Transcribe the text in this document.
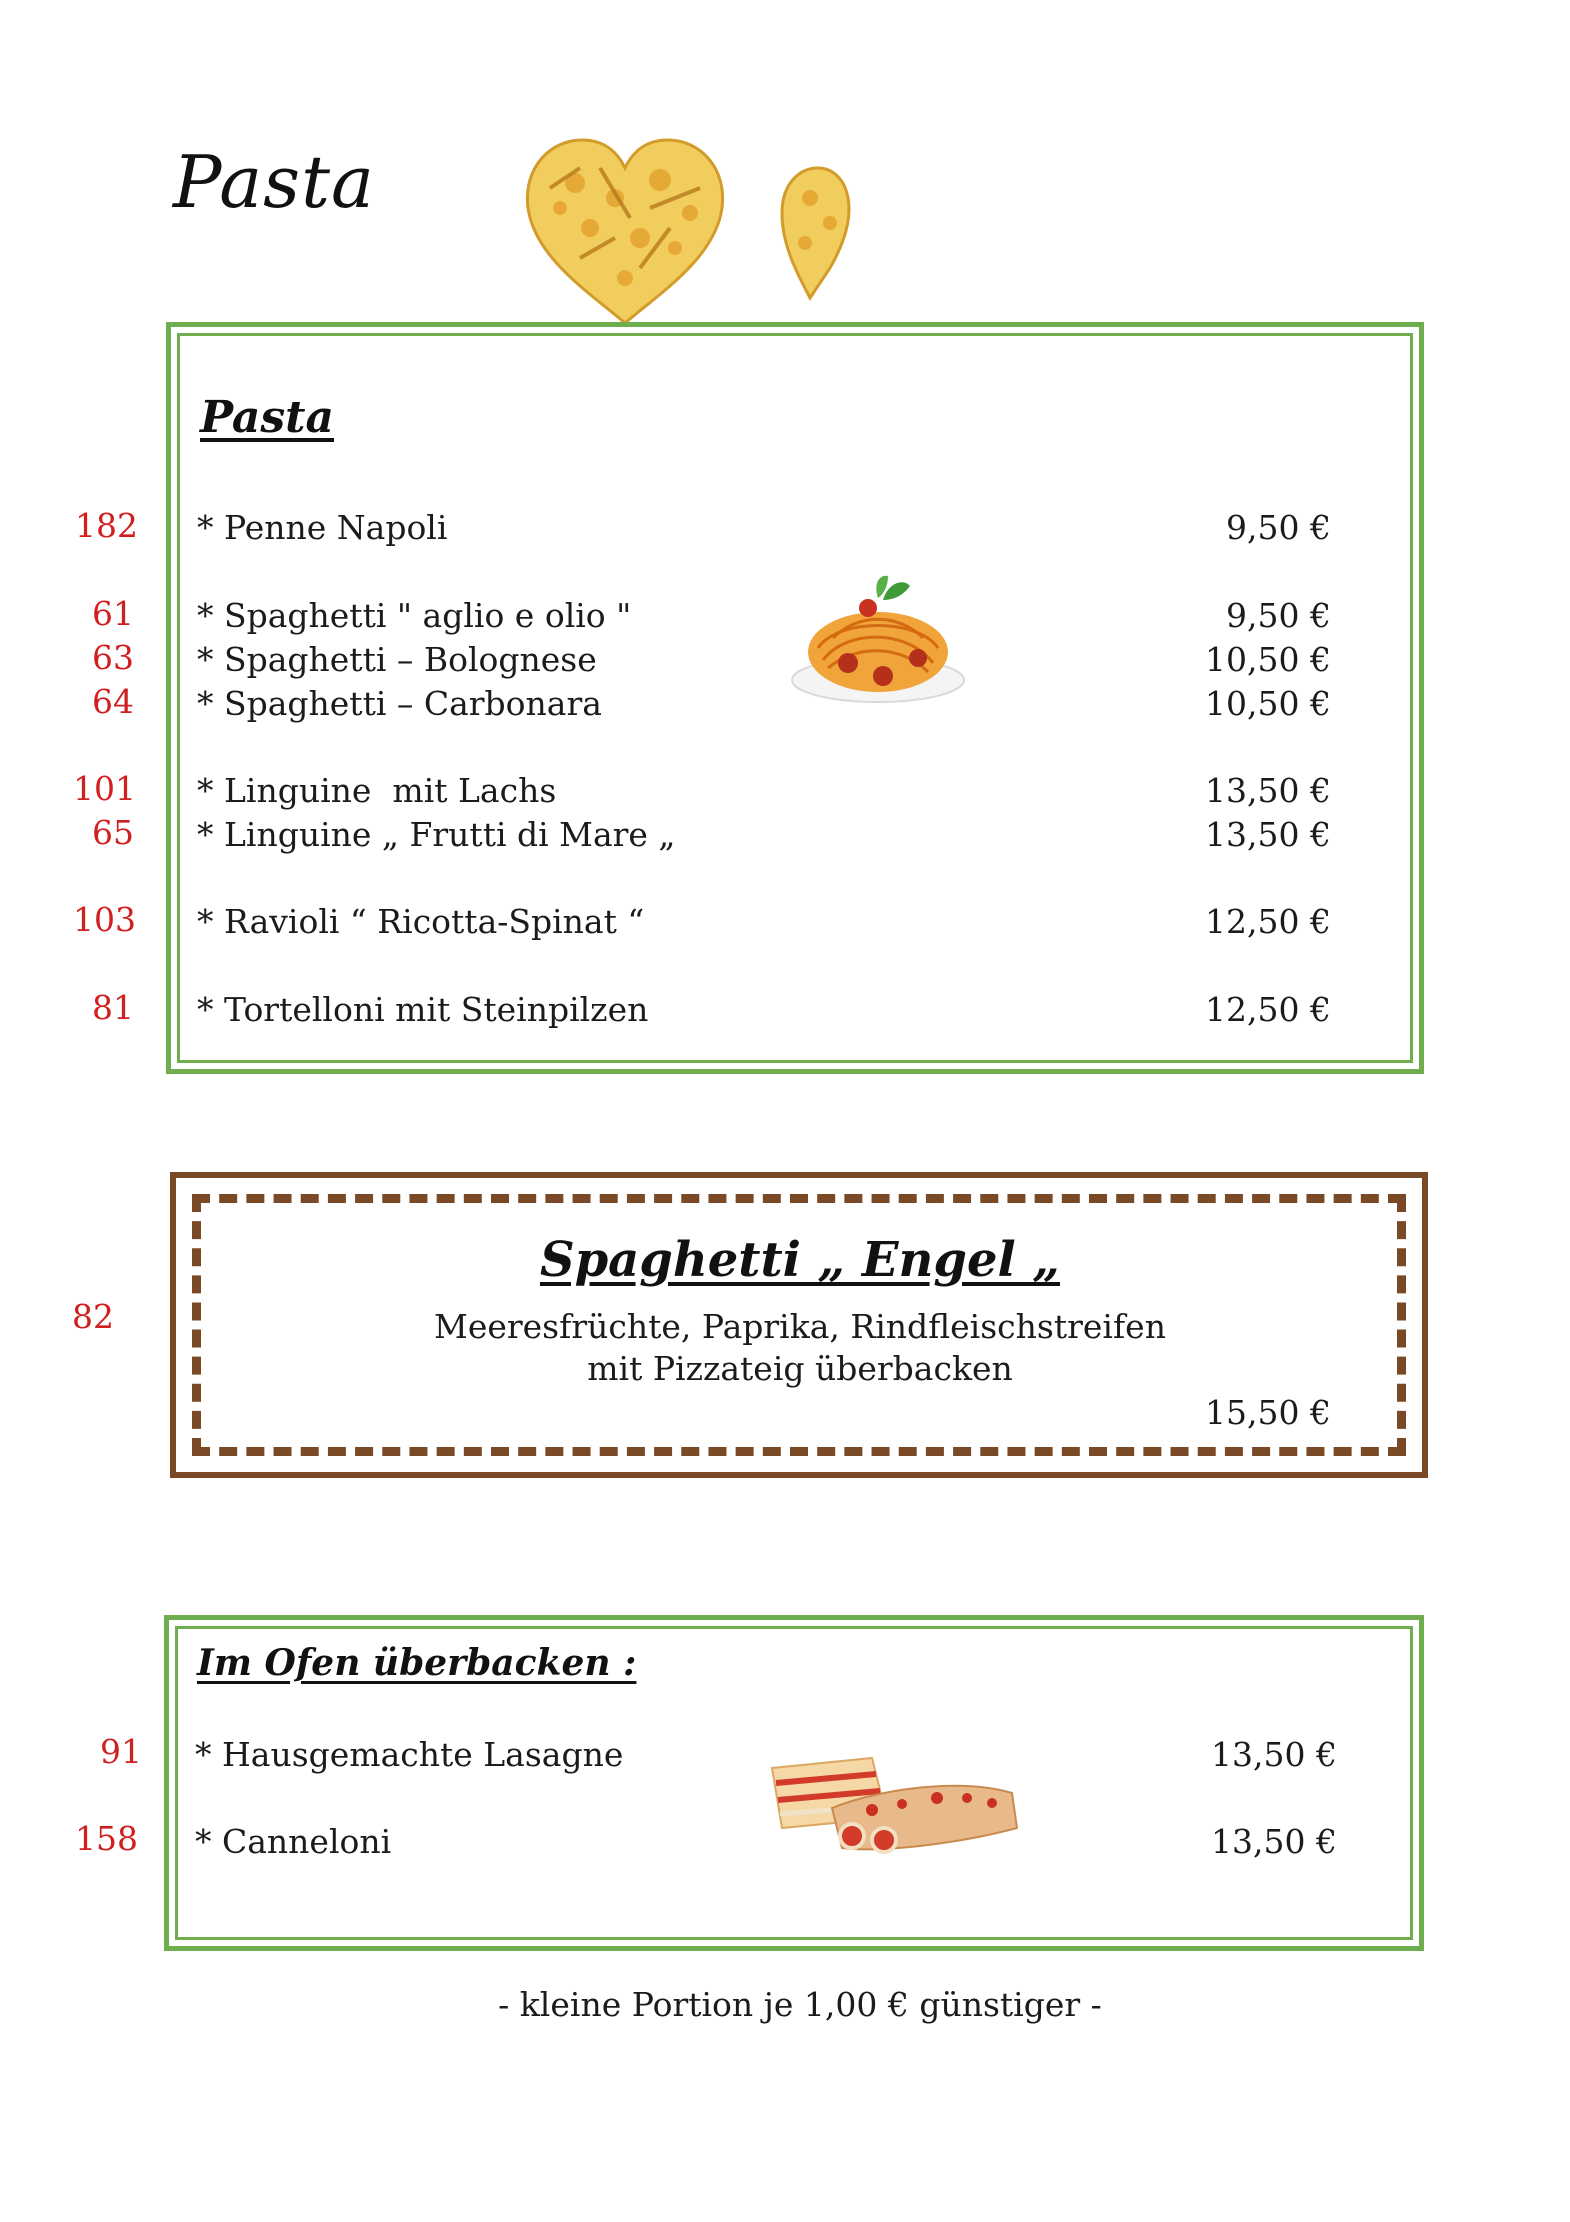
Pasta
Pasta
182 * Penne Napoli	9,50 €
61 * Spaghetti " aglio e olio "	9,50 €
63 * Spaghetti – Bolognese	10,50 €
64 * Spaghetti – Carbonara	10,50 €
101 * Linguine  mit Lachs	13,50 €
65 * Linguine „ Frutti di Mare „	13,50 €
103 * Ravioli “ Ricotta-Spinat “	12,50 €
81 * Tortelloni mit Steinpilzen	12,50 €
82
Spaghetti „ Engel „
Meeresfrüchte, Paprika, Rindfleischstreifen
mit Pizzateig überbacken
15,50 €
Im Ofen überbacken :
91 * Hausgemachte Lasagne	13,50 €
158 * Canneloni	13,50 €
- kleine Portion je 1,00 € günstiger -
